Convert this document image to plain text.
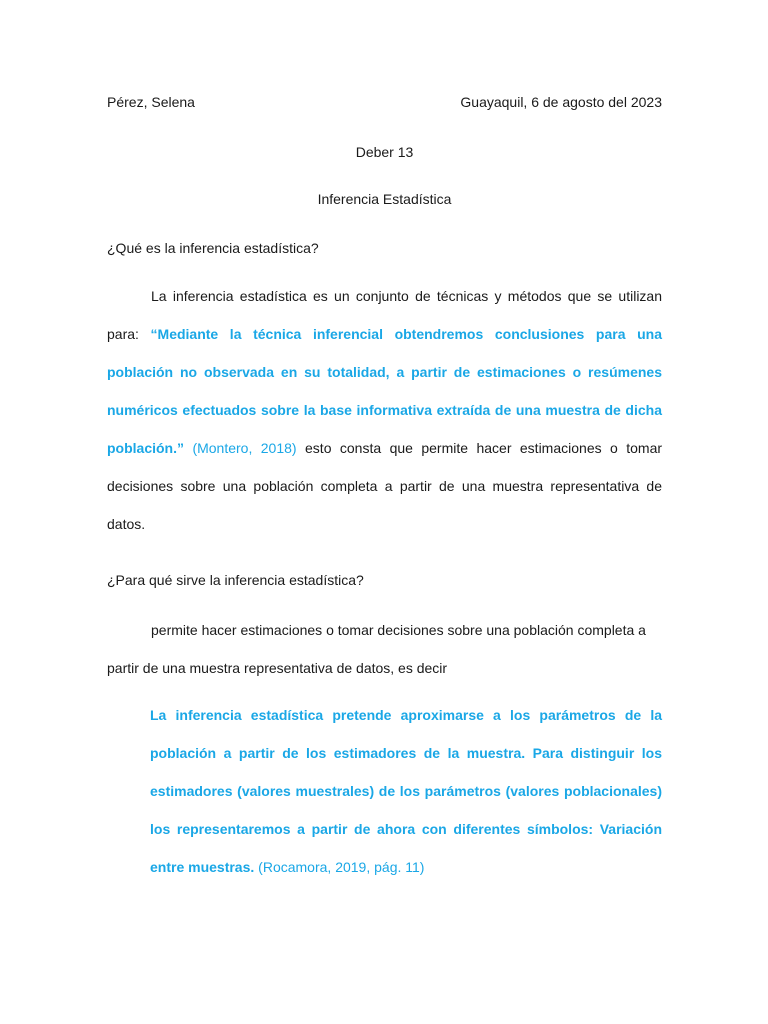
Pérez, Selena	Guayaquil, 6 de agosto del 2023
Deber 13
Inferencia Estadística
¿Qué es la inferencia estadística?
La inferencia estadística es un conjunto de técnicas y métodos que se utilizan para: “Mediante la técnica inferencial obtendremos conclusiones para una población no observada en su totalidad, a partir de estimaciones o resúmenes numéricos efectuados sobre la base informativa extraída de una muestra de dicha población.” (Montero, 2018) esto consta que permite hacer estimaciones o tomar decisiones sobre una población completa a partir de una muestra representativa de datos.
¿Para qué sirve la inferencia estadística?
permite hacer estimaciones o tomar decisiones sobre una población completa a partir de una muestra representativa de datos, es decir
La inferencia estadística pretende aproximarse a los parámetros de la población a partir de los estimadores de la muestra. Para distinguir los estimadores (valores muestrales) de los parámetros (valores poblacionales) los representaremos a partir de ahora con diferentes símbolos: Variación entre muestras. (Rocamora, 2019, pág. 11)
